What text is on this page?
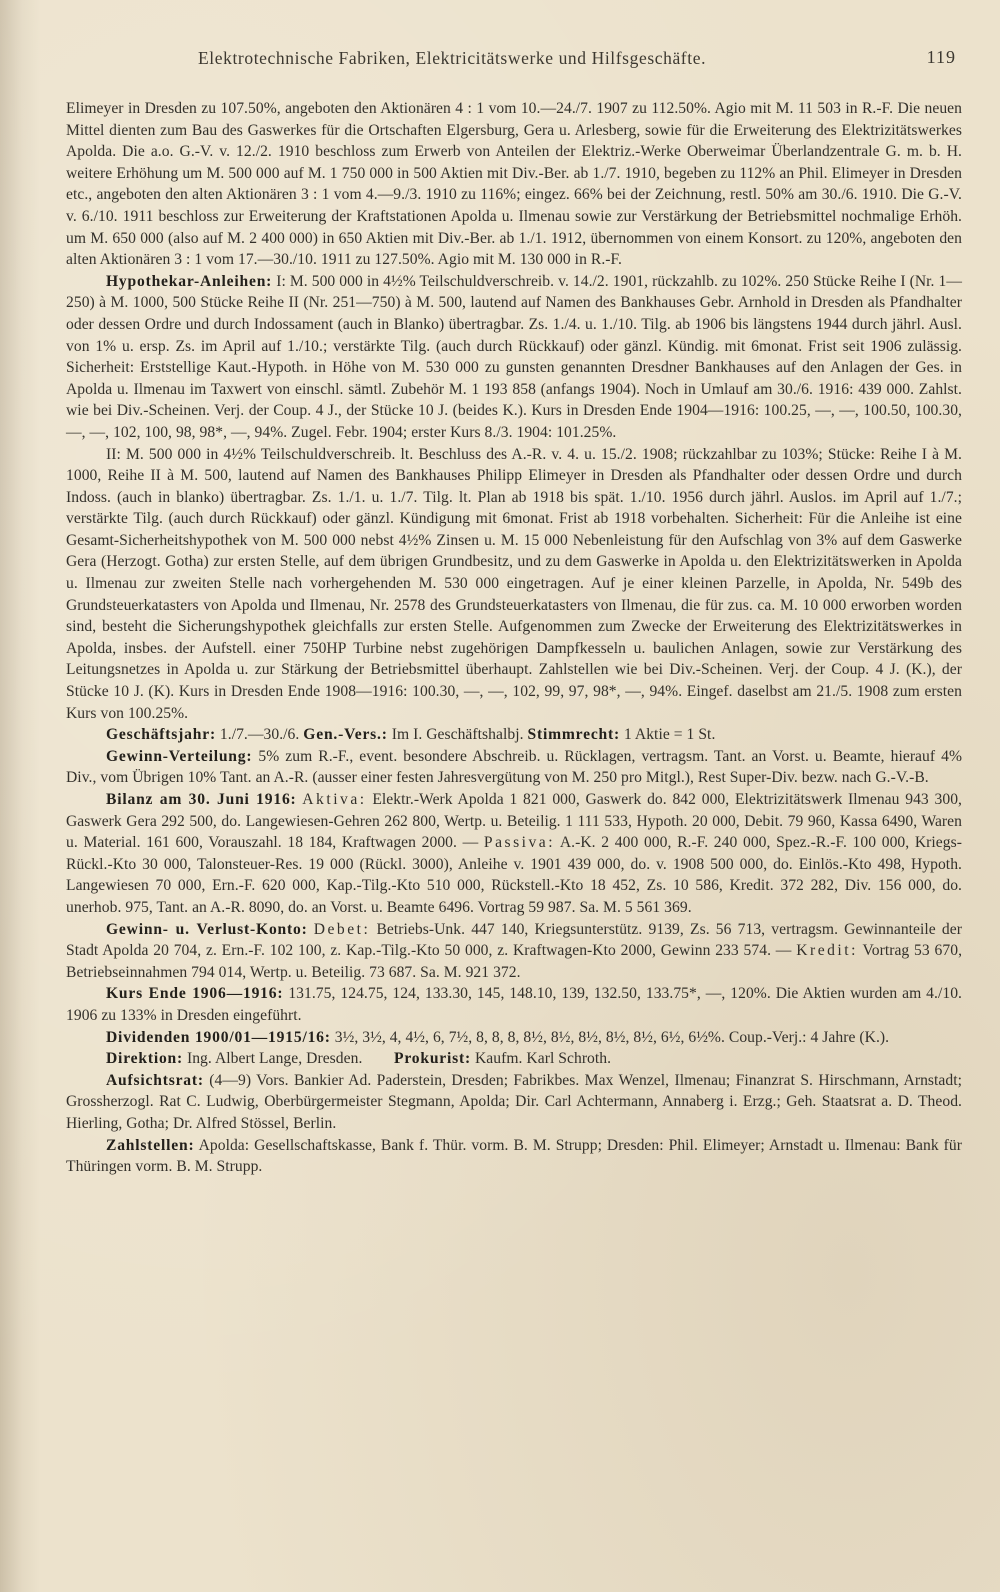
Elektrotechnische Fabriken, Elektricitätswerke und Hilfsgeschäfte.	119

Elimeyer in Dresden zu 107.50%, angeboten den Aktionären 4 : 1 vom 10.—24./7. 1907 zu 112.50%. Agio mit M. 11 503 in R.-F. Die neuen Mittel dienten zum Bau des Gaswerkes für die Ortschaften Elgersburg, Gera u. Arlesberg, sowie für die Erweiterung des Elektrizitätswerkes Apolda. Die a.o. G.-V. v. 12./2. 1910 beschloss zum Erwerb von Anteilen der Elektriz.-Werke Oberweimar Überlandzentrale G. m. b. H. weitere Erhöhung um M. 500 000 auf M. 1 750 000 in 500 Aktien mit Div.-Ber. ab 1./7. 1910, begeben zu 112% an Phil. Elimeyer in Dresden etc., angeboten den alten Aktionären 3 : 1 vom 4.—9./3. 1910 zu 116%; eingez. 66% bei der Zeichnung, restl. 50% am 30./6. 1910. Die G.-V. v. 6./10. 1911 beschloss zur Erweiterung der Kraftstationen Apolda u. Ilmenau sowie zur Verstärkung der Betriebsmittel nochmalige Erhöh. um M. 650 000 (also auf M. 2 400 000) in 650 Aktien mit Div.-Ber. ab 1./1. 1912, übernommen von einem Konsort. zu 120%, angeboten den alten Aktionären 3 : 1 vom 17.—30./10. 1911 zu 127.50%. Agio mit M. 130 000 in R.-F.

Hypothekar-Anleihen: I: M. 500 000 in 4½% Teilschuldverschreib. v. 14./2. 1901, rückzahlb. zu 102%. 250 Stücke Reihe I (Nr. 1—250) à M. 1000, 500 Stücke Reihe II (Nr. 251—750) à M. 500, lautend auf Namen des Bankhauses Gebr. Arnhold in Dresden als Pfandhalter oder dessen Ordre und durch Indossament (auch in Blanko) übertragbar. Zs. 1./4. u. 1./10. Tilg. ab 1906 bis längstens 1944 durch jährl. Ausl. von 1% u. ersp. Zs. im April auf 1./10.; verstärkte Tilg. (auch durch Rückkauf) oder gänzl. Kündig. mit 6monat. Frist seit 1906 zulässig. Sicherheit: Erststellige Kaut.-Hypoth. in Höhe von M. 530 000 zu gunsten genannten Dresdner Bankhauses auf den Anlagen der Ges. in Apolda u. Ilmenau im Taxwert von einschl. sämtl. Zubehör M. 1 193 858 (anfangs 1904). Noch in Umlauf am 30./6. 1916: 439 000. Zahlst. wie bei Div.-Scheinen. Verj. der Coup. 4 J., der Stücke 10 J. (beides K.). Kurs in Dresden Ende 1904—1916: 100.25, —, —, 100.50, 100.30, —, —, 102, 100, 98, 98*, —, 94%. Zugel. Febr. 1904; erster Kurs 8./3. 1904: 101.25%.

II: M. 500 000 in 4½% Teilschuldverschreib. lt. Beschluss des A.-R. v. 4. u. 15./2. 1908; rückzahlbar zu 103%; Stücke: Reihe I à M. 1000, Reihe II à M. 500, lautend auf Namen des Bankhauses Philipp Elimeyer in Dresden als Pfandhalter oder dessen Ordre und durch Indoss. (auch in blanko) übertragbar. Zs. 1./1. u. 1./7. Tilg. lt. Plan ab 1918 bis spät. 1./10. 1956 durch jährl. Auslos. im April auf 1./7.; verstärkte Tilg. (auch durch Rückkauf) oder gänzl. Kündigung mit 6monat. Frist ab 1918 vorbehalten. Sicherheit: Für die Anleihe ist eine Gesamt-Sicherheitshypothek von M. 500 000 nebst 4½% Zinsen u. M. 15 000 Nebenleistung für den Aufschlag von 3% auf dem Gaswerke Gera (Herzogt. Gotha) zur ersten Stelle, auf dem übrigen Grundbesitz, und zu dem Gaswerke in Apolda u. den Elektrizitätswerken in Apolda u. Ilmenau zur zweiten Stelle nach vorhergehenden M. 530 000 eingetragen. Auf je einer kleinen Parzelle, in Apolda, Nr. 549b des Grundsteuerkatasters von Apolda und Ilmenau, Nr. 2578 des Grundsteuerkatasters von Ilmenau, die für zus. ca. M. 10 000 erworben worden sind, besteht die Sicherungshypothek gleichfalls zur ersten Stelle. Aufgenommen zum Zwecke der Erweiterung des Elektrizitätswerkes in Apolda, insbes. der Aufstell. einer 750HP Turbine nebst zugehörigen Dampfkesseln u. baulichen Anlagen, sowie zur Verstärkung des Leitungsnetzes in Apolda u. zur Stärkung der Betriebsmittel überhaupt. Zahlstellen wie bei Div.-Scheinen. Verj. der Coup. 4 J. (K.), der Stücke 10 J. (K). Kurs in Dresden Ende 1908—1916: 100.30, —, —, 102, 99, 97, 98*, —, 94%. Eingef. daselbst am 21./5. 1908 zum ersten Kurs von 100.25%.

Geschäftsjahr: 1./7.—30./6. Gen.-Vers.: Im I. Geschäftshalbj. Stimmrecht: 1 Aktie = 1 St.

Gewinn-Verteilung: 5% zum R.-F., event. besondere Abschreib. u. Rücklagen, vertragsm. Tant. an Vorst. u. Beamte, hierauf 4% Div., vom Übrigen 10% Tant. an A.-R. (ausser einer festen Jahresvergütung von M. 250 pro Mitgl.), Rest Super-Div. bezw. nach G.-V.-B.

Bilanz am 30. Juni 1916: Aktiva: Elektr.-Werk Apolda 1 821 000, Gaswerk do. 842 000, Elektrizitätswerk Ilmenau 943 300, Gaswerk Gera 292 500, do. Langewiesen-Gehren 262 800, Wertp. u. Beteilig. 1 111 533, Hypoth. 20 000, Debit. 79 960, Kassa 6490, Waren u. Material. 161 600, Vorauszahl. 18 184, Kraftwagen 2000. — Passiva: A.-K. 2 400 000, R.-F. 240 000, Spez.-R.-F. 100 000, Kriegs-Rückl.-Kto 30 000, Talonsteuer-Res. 19 000 (Rückl. 3000), Anleihe v. 1901 439 000, do. v. 1908 500 000, do. Einlös.-Kto 498, Hypoth. Langewiesen 70 000, Ern.-F. 620 000, Kap.-Tilg.-Kto 510 000, Rückstell.-Kto 18 452, Zs. 10 586, Kredit. 372 282, Div. 156 000, do. unerhob. 975, Tant. an A.-R. 8090, do. an Vorst. u. Beamte 6496. Vortrag 59 987. Sa. M. 5 561 369.

Gewinn- u. Verlust-Konto: Debet: Betriebs-Unk. 447 140, Kriegsunterstütz. 9139, Zs. 56 713, vertragsm. Gewinnanteile der Stadt Apolda 20 704, z. Ern.-F. 102 100, z. Kap.-Tilg.-Kto 50 000, z. Kraftwagen-Kto 2000, Gewinn 233 574. — Kredit: Vortrag 53 670, Betriebseinnahmen 794 014, Wertp. u. Beteilig. 73 687. Sa. M. 921 372.

Kurs Ende 1906—1916: 131.75, 124.75, 124, 133.30, 145, 148.10, 139, 132.50, 133.75*, —, 120%. Die Aktien wurden am 4./10. 1906 zu 133% in Dresden eingeführt.

Dividenden 1900/01—1915/16: 3½, 3½, 4, 4½, 6, 7½, 8, 8, 8, 8½, 8½, 8½, 8½, 8½, 6½, 6½%. Coup.-Verj.: 4 Jahre (K.).

Direktion: Ing. Albert Lange, Dresden. Prokurist: Kaufm. Karl Schroth.

Aufsichtsrat: (4—9) Vors. Bankier Ad. Paderstein, Dresden; Fabrikbes. Max Wenzel, Ilmenau; Finanzrat S. Hirschmann, Arnstadt; Grossherzogl. Rat C. Ludwig, Oberbürgermeister Stegmann, Apolda; Dir. Carl Achtermann, Annaberg i. Erzg.; Geh. Staatsrat a. D. Theod. Hierling, Gotha; Dr. Alfred Stössel, Berlin.

Zahlstellen: Apolda: Gesellschaftskasse, Bank f. Thür. vorm. B. M. Strupp; Dresden: Phil. Elimeyer; Arnstadt u. Ilmenau: Bank für Thüringen vorm. B. M. Strupp.
